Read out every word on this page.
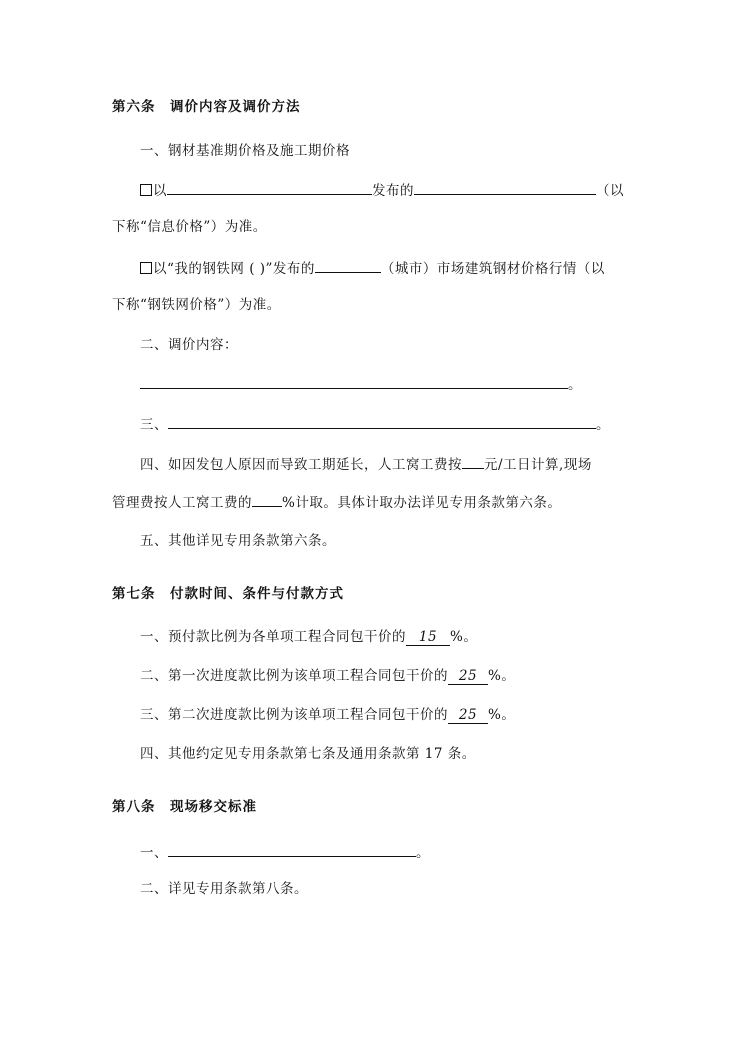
第六条　调价内容及调价方法
一、钢材基准期价格及施工期价格
以	发布的	（以
下称“信息价格”）为准。
以“我的钢铁网 ( )”发布的	（城市）市场建筑钢材价格行情（以
下称“钢铁网价格”）为准。
二、调价内容：
。
三、	。
四、如因发包人原因而导致工期延长，人工窝工费按 元/工日计算,现场
管理费按人工窝工费的 %计取。具体计取办法详见专用条款第六条。
五、其他详见专用条款第六条。
第七条　付款时间、条件与付款方式
一、预付款比例为各单项工程合同包干价的 15 %。
二、第一次进度款比例为该单项工程合同包干价的 25 %。
三、第二次进度款比例为该单项工程合同包干价的 25 %。
四、其他约定见专用条款第七条及通用条款第 17 条。
第八条　现场移交标准
一、	。
二、详见专用条款第八条。
